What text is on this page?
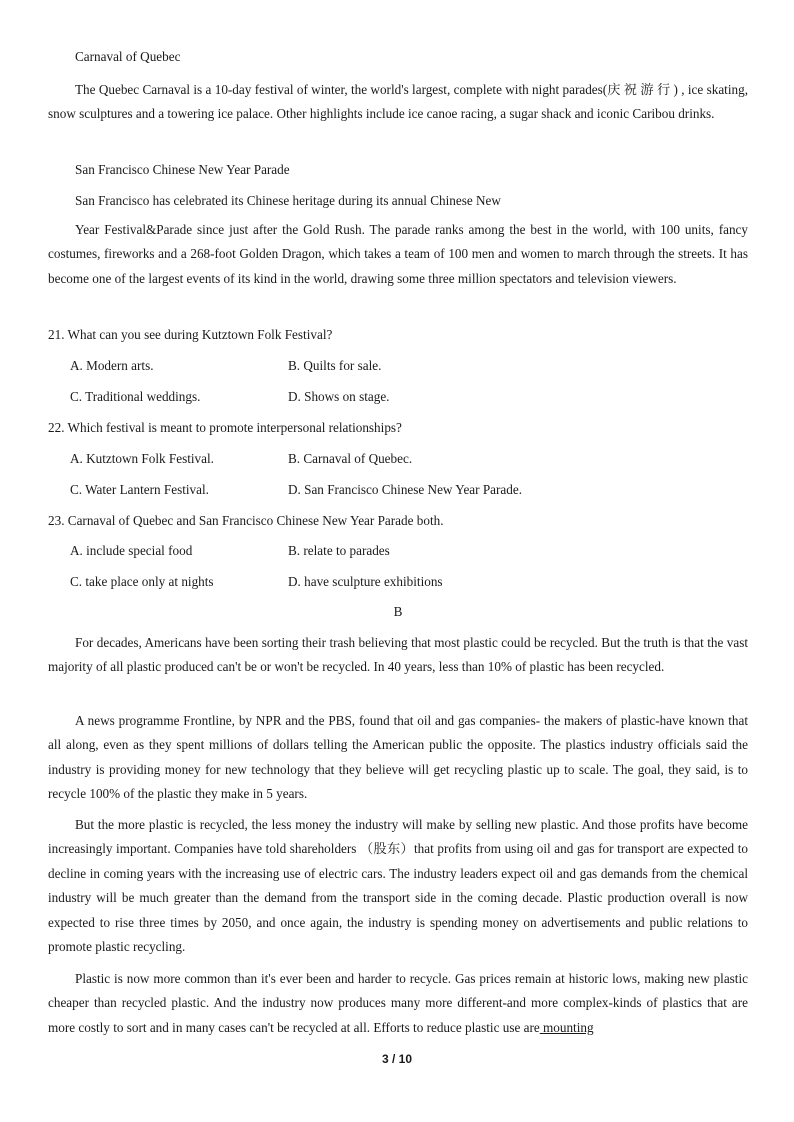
Carnaval of Quebec

The Quebec Carnaval is a 10-day festival of winter, the world's largest, complete with night parades(庆 祝 游 行 ) , ice skating, snow sculptures and a towering ice palace. Other highlights include ice canoe racing, a sugar shack and iconic Caribou drinks.

San Francisco Chinese New Year Parade
San Francisco has celebrated its Chinese heritage during its annual Chinese New

Year Festival&Parade since just after the Gold Rush. The parade ranks among the best in the world, with 100 units, fancy costumes, fireworks and a 268-foot Golden Dragon, which takes a team of 100 men and women to march through the streets. It has become one of the largest events of its kind in the world, drawing some three million spectators and television viewers.

21. What can you see during Kutztown Folk Festival?
A. Modern arts.	B. Quilts for sale.
C. Traditional weddings.	D. Shows on stage.
22. Which festival is meant to promote interpersonal relationships?
A. Kutztown Folk Festival.	B. Carnaval of Quebec.
C. Water Lantern Festival.	D. San Francisco Chinese New Year Parade.
23. Carnaval of Quebec and San Francisco Chinese New Year Parade both.
A. include special food	B. relate to parades
C. take place only at nights	D. have sculpture exhibitions
B

For decades, Americans have been sorting their trash believing that most plastic could be recycled. But the truth is that the vast majority of all plastic produced can't be or won't be recycled. In 40 years, less than 10% of plastic has been recycled.

A news programme Frontline, by NPR and the PBS, found that oil and gas companies- the makers of plastic-have known that all along, even as they spent millions of dollars telling the American public the opposite. The plastics industry officials said the industry is providing money for new technology that they believe will get recycling plastic up to scale. The goal, they said, is to recycle 100% of the plastic they make in 5 years.

But the more plastic is recycled, the less money the industry will make by selling new plastic. And those profits have become increasingly important. Companies have told shareholders （股东）that profits from using oil and gas for transport are expected to decline in coming years with the increasing use of electric cars. The industry leaders expect oil and gas demands from the chemical industry will be much greater than the demand from the transport side in the coming decade. Plastic production overall is now expected to rise three times by 2050, and once again, the industry is spending money on advertisements and public relations to promote plastic recycling.

Plastic is now more common than it's ever been and harder to recycle. Gas prices remain at historic lows, making new plastic cheaper than recycled plastic. And the industry now produces many more different-and more complex-kinds of plastics that are more costly to sort and in many cases can't be recycled at all. Efforts to reduce plastic use are mounting

3 / 10
